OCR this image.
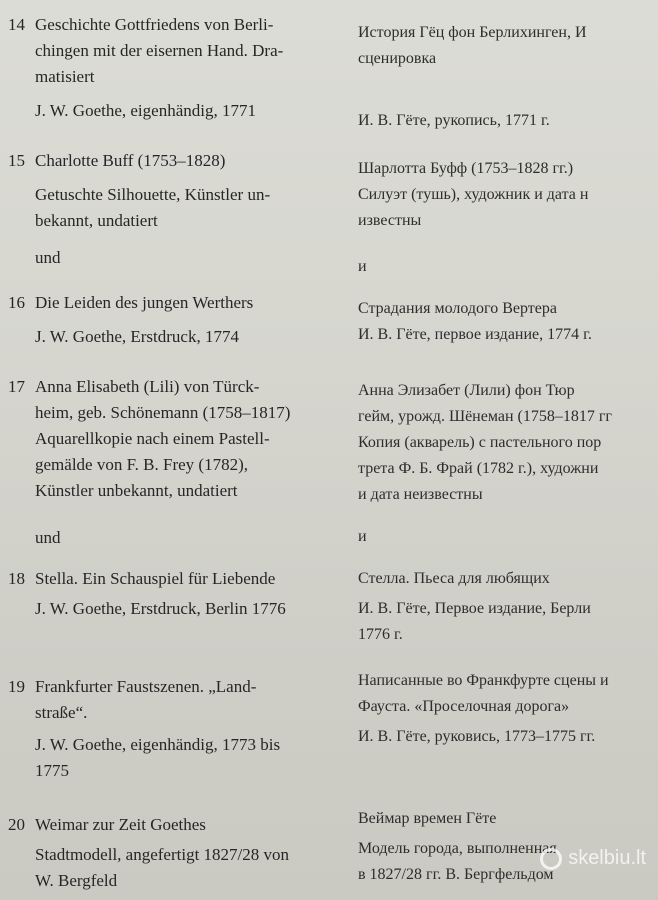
14 Geschichte Gottfriedens von Berli-
chingen mit der eisernen Hand. Dra-
matisiert
J. W. Goethe, eigenhändig, 1771
История Гёц фон Берлихинген, И
сценировка
И. В. Гёте, рукопись, 1771 г.
15 Charlotte Buff (1753–1828)
Getuschte Silhouette, Künstler un-
bekannt, undatiert
Шарлотта Буфф (1753–1828 гг.)
Силуэт (тушь), художник и дата н
известны
und	и
16 Die Leiden des jungen Werthers
J. W. Goethe, Erstdruck, 1774
Страдания молодого Вертера
И. В. Гёте, первое издание, 1774 г.
17 Anna Elisabeth (Lili) von Türck-
heim, geb. Schönemann (1758–1817)
Aquarellkopie nach einem Pastell-
gemälde von F. B. Frey (1782),
Künstler unbekannt, undatiert
Анна Элизабет (Лили) фон Тюр
гейм, урожд. Шёнеман (1758–1817 гг
Копия (акварель) с пастельного пор
трета Ф. Б. Фрай (1782 г.), художни
и дата неизвестны
und	и
18 Stella. Ein Schauspiel für Liebende
J. W. Goethe, Erstdruck, Berlin 1776
Стелла. Пьеса для любящих
И. В. Гёте, Первое издание, Берли
1776 г.
19 Frankfurter Faustszenen. „Land-
straße“.
J. W. Goethe, eigenhändig, 1773 bis
1775
Написанные во Франкфурте сцены и
Фауста. «Проселочная дорога»
И. В. Гёте, руковись, 1773–1775 гг.
20 Weimar zur Zeit Goethes
Stadtmodell, angefertigt 1827/28 von
W. Bergfeld
Веймар времен Гёте
Модель города, выполненная
в 1827/28 гг. В. Бергфельдом
skelbiu.lt
